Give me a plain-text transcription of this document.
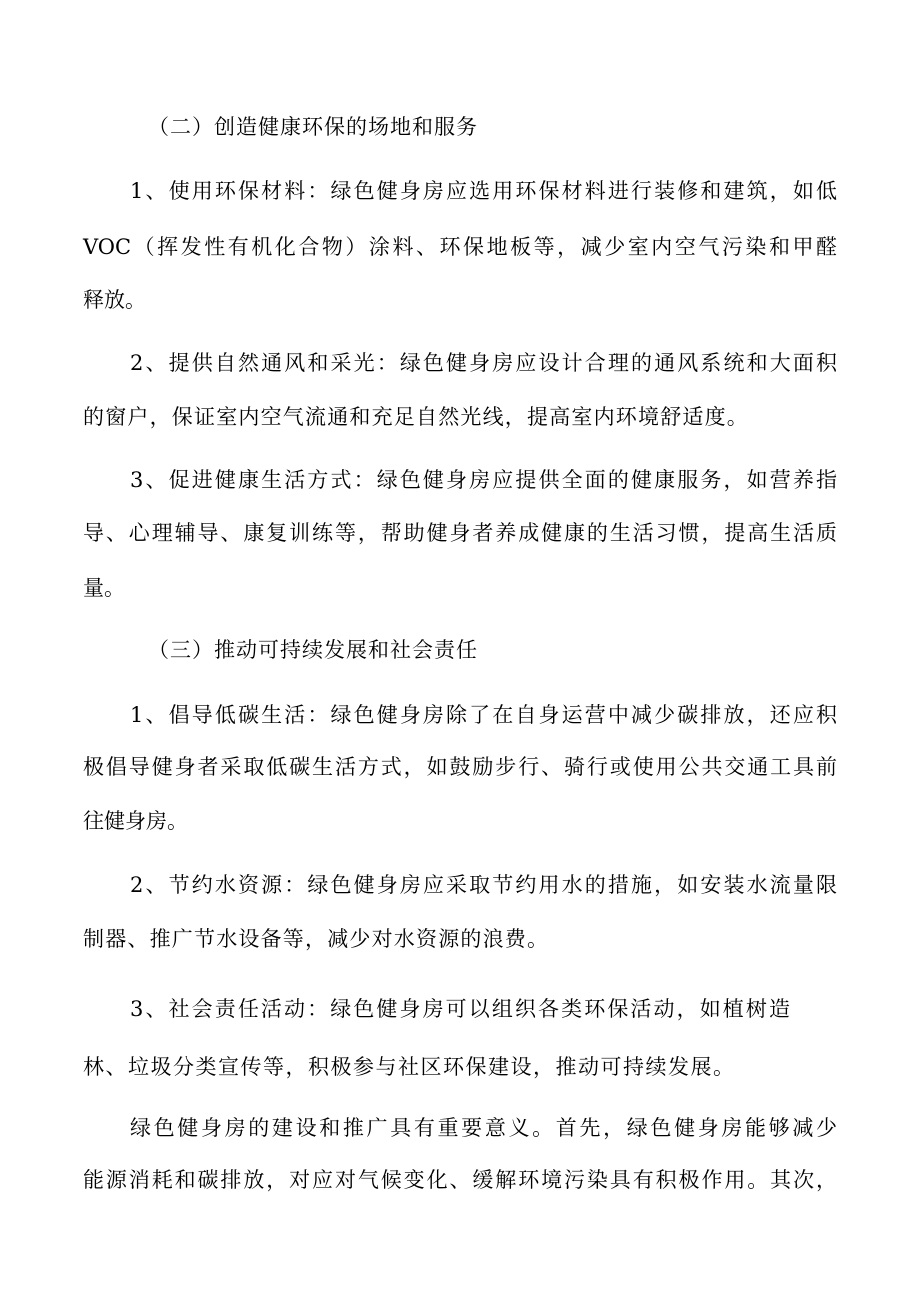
（二）创造健康环保的场地和服务

1、使用环保材料：绿色健身房应选用环保材料进行装修和建筑，如低

VOC（挥发性有机化合物）涂料、环保地板等，减少室内空气污染和甲醛

释放。

2、提供自然通风和采光：绿色健身房应设计合理的通风系统和大面积

的窗户，保证室内空气流通和充足自然光线，提高室内环境舒适度。

3、促进健康生活方式：绿色健身房应提供全面的健康服务，如营养指

导、心理辅导、康复训练等，帮助健身者养成健康的生活习惯，提高生活质

量。

（三）推动可持续发展和社会责任

1、倡导低碳生活：绿色健身房除了在自身运营中减少碳排放，还应积

极倡导健身者采取低碳生活方式，如鼓励步行、骑行或使用公共交通工具前

往健身房。

2、节约水资源：绿色健身房应采取节约用水的措施，如安装水流量限

制器、推广节水设备等，减少对水资源的浪费。

3、社会责任活动：绿色健身房可以组织各类环保活动，如植树造

林、垃圾分类宣传等，积极参与社区环保建设，推动可持续发展。

绿色健身房的建设和推广具有重要意义。首先，绿色健身房能够减少

能源消耗和碳排放，对应对气候变化、缓解环境污染具有积极作用。其次，
